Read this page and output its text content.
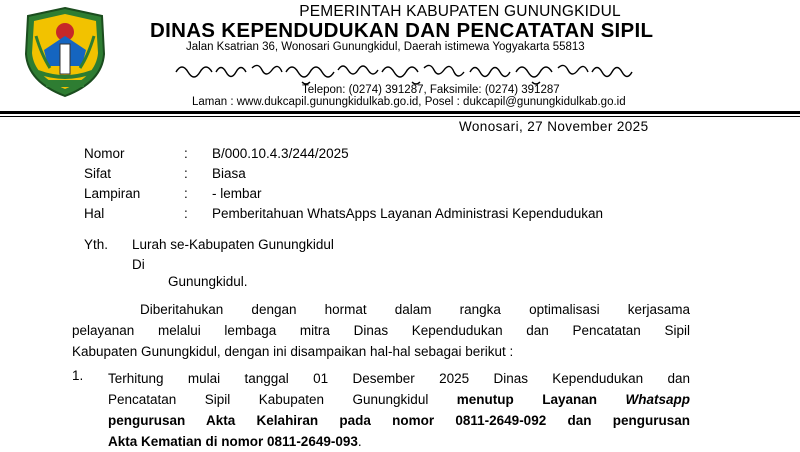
PEMERINTAH KABUPATEN GUNUNGKIDUL
DINAS KEPENDUDUKAN DAN PENCATATAN SIPIL
Jalan Ksatrian 36, Wonosari Gunungkidul, Daerah istimewa Yogyakarta 55813
Telepon: (0274) 391287, Faksimile: (0274) 391287
Laman : www.dukcapil.gunungkidulkab.go.id, Posel : dukcapil@gunungkidulkab.go.id
Wonosari, 27 November 2025
Nomor	: B/000.10.4.3/244/2025
Sifat	: Biasa
Lampiran	: - lembar
Hal	: Pemberitahuan WhatsApps Layanan Administrasi Kependudukan
Yth. Lurah se-Kabupaten Gunungkidul
Di
Gunungkidul.
Diberitahukan dengan hormat dalam rangka optimalisasi kerjasama
pelayanan melalui lembaga mitra Dinas Kependudukan dan Pencatatan Sipil
Kabupaten Gunungkidul, dengan ini disampaikan hal-hal sebagai berikut :
1. Terhitung mulai tanggal 01 Desember 2025 Dinas Kependudukan dan
Pencatatan Sipil Kabupaten Gunungkidul menutup Layanan Whatsapp
pengurusan Akta Kelahiran pada nomor 0811-2649-092 dan pengurusan
Akta Kematian di nomor 0811-2649-093.
